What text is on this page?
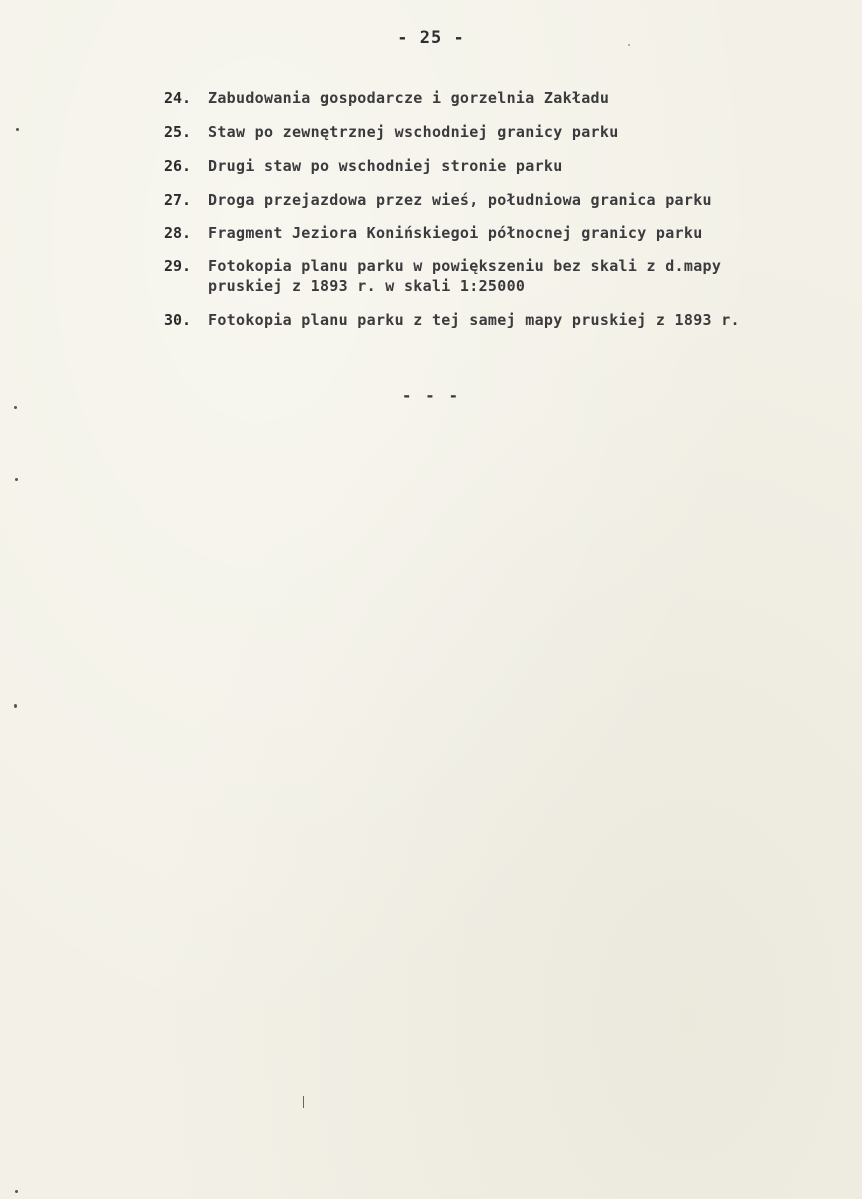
- 25 -
24.	Zabudowania gospodarcze i gorzelnia Zakładu
25.	Staw po zewnętrznej wschodniej granicy parku
26.	Drugi staw po wschodniej stronie parku
27.	Droga przejazdowa przez wieś, południowa granica parku
28.	Fragment Jeziora Konińskiegoi północnej granicy parku
29.	Fotokopia planu parku w powiększeniu bez skali z d.mapy
pruskiej z 1893 r. w skali 1:25000
30.	Fotokopia planu parku z tej samej mapy pruskiej z 1893 r.
- - -
